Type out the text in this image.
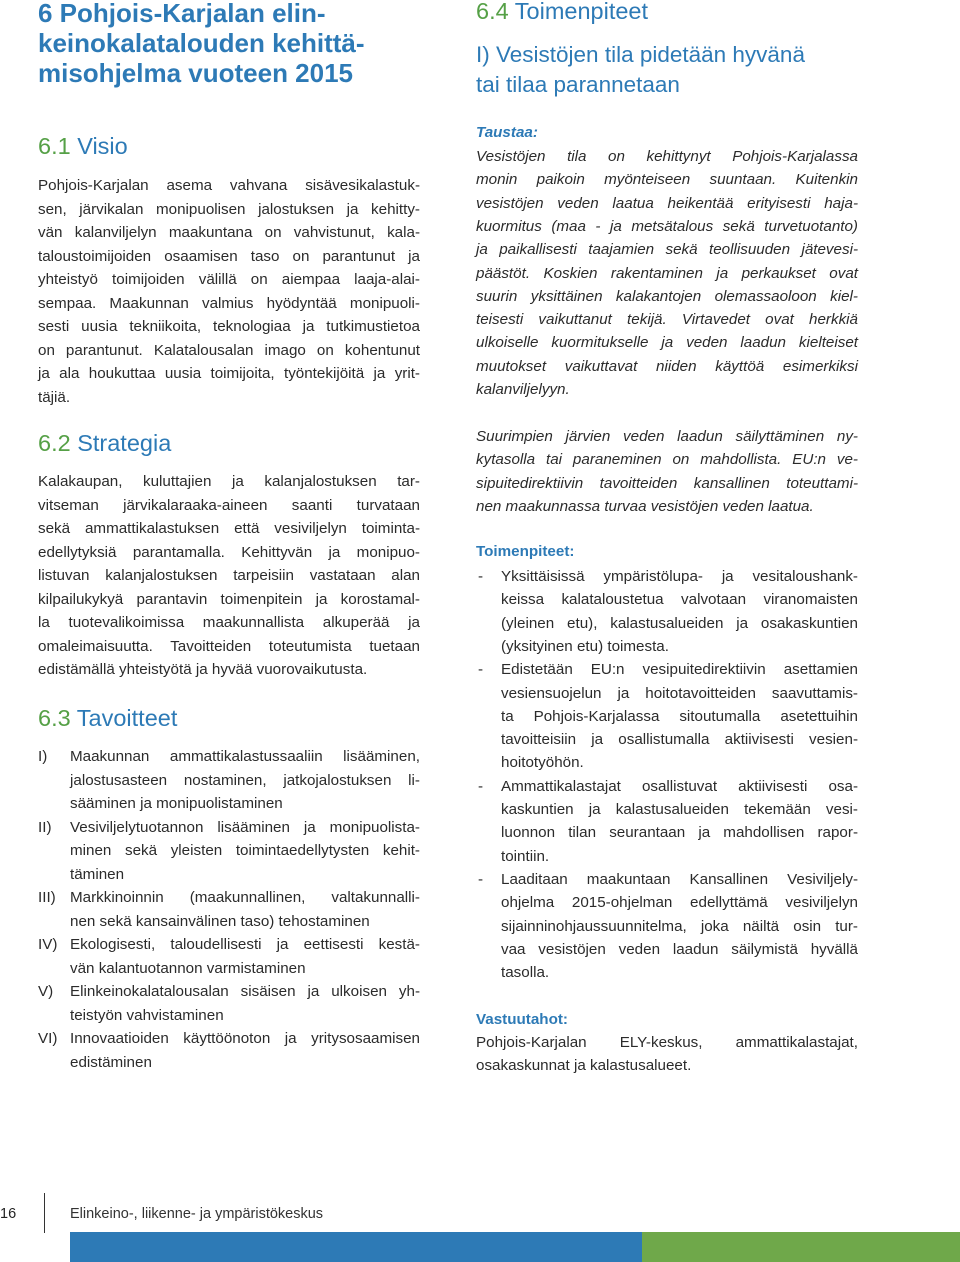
6 Pohjois-Karjalan elin-
keinokalatalouden kehittä-
misohjelma vuoteen 2015
6.1 Visio
Pohjois-Karjalan asema vahvana sisävesikalastuk-
sen, järvikalan monipuolisen jalostuksen ja kehitty-
vän kalanviljelyn maakuntana on vahvistunut, kala-
taloustoimijoiden osaamisen taso on parantunut ja
yhteistyö toimijoiden välillä on aiempaa laaja-alai-
sempaa. Maakunnan valmius hyödyntää monipuoli-
sesti uusia tekniikoita, teknologiaa ja tutkimustietoa
on parantunut. Kalatalousalan imago on kohentunut
ja ala houkuttaa uusia toimijoita, työntekijöitä ja yrit-
täjiä.
6.2 Strategia
Kalakaupan, kuluttajien ja kalanjalostuksen tar-
vitseman järvikalaraaka-aineen saanti turvataan
sekä ammattikalastuksen että vesiviljelyn toiminta-
edellytyksiä parantamalla. Kehittyvän ja monipuo-
listuvan kalanjalostuksen tarpeisiin vastataan alan
kilpailukykyä parantavin toimenpitein ja korostamal-
la tuotevalikoimissa maakunnallista alkuperää ja
omaleimaisuutta. Tavoitteiden toteutumista tuetaan
edistämällä yhteistyötä ja hyvää vuorovaikutusta.
6.3 Tavoitteet
I) Maakunnan ammattikalastussaaliin lisääminen,
jalostusasteen nostaminen, jatkojalostuksen li-
sääminen ja monipuolistaminen
II) Vesiviljelytuotannon lisääminen ja monipuolista-
minen sekä yleisten toimintaedellytysten kehit-
täminen
III) Markkinoinnin (maakunnallinen, valtakunnalli-
nen sekä kansainvälinen taso) tehostaminen
IV) Ekologisesti, taloudellisesti ja eettisesti kestä-
vän kalantuotannon varmistaminen
V) Elinkeinokalatalousalan sisäisen ja ulkoisen yh-
teistyön vahvistaminen
VI) Innovaatioiden käyttöönoton ja yritysosaamisen
edistäminen
6.4 Toimenpiteet
I) Vesistöjen tila pidetään hyvänä
tai tilaa parannetaan
Taustaa:
Vesistöjen tila on kehittynyt Pohjois-Karjalassa
monin paikoin myönteiseen suuntaan. Kuitenkin
vesistöjen veden laatua heikentää erityisesti haja-
kuormitus (maa - ja metsätalous sekä turvetuotanto)
ja paikallisesti taajamien sekä teollisuuden jätevesi-
päästöt. Koskien rakentaminen ja perkaukset ovat
suurin yksittäinen kalakantojen olemassaoloon kiel-
teisesti vaikuttanut tekijä. Virtavedet ovat herkkiä
ulkoiselle kuormitukselle ja veden laadun kielteiset
muutokset vaikuttavat niiden käyttöä esimerkiksi
kalanviljelyyn.
Suurimpien järvien veden laadun säilyttäminen ny-
kytasolla tai paraneminen on mahdollista. EU:n ve-
sipuitedirektiivin tavoitteiden kansallinen toteuttami-
nen maakunnassa turvaa vesistöjen veden laatua.
Toimenpiteet:
- Yksittäisissä ympäristölupa- ja vesitaloushank-
keissa kalataloustetua valvotaan viranomaisten
(yleinen etu), kalastusalueiden ja osakaskuntien
(yksityinen etu) toimesta.
- Edistetään EU:n vesipuitedirektiivin asettamien
vesiensuojelun ja hoitotavoitteiden saavuttamis-
ta Pohjois-Karjalassa sitoutumalla asetettuihin
tavoitteisiin ja osallistumalla aktiivisesti vesien-
hoitotyöhön.
- Ammattikalastajat osallistuvat aktiivisesti osa-
kaskuntien ja kalastusalueiden tekemään vesi-
luonnon tilan seurantaan ja mahdollisen rapor-
tointiin.
- Laaditaan maakuntaan Kansallinen Vesiviljely-
ohjelma 2015-ohjelman edellyttämä vesiviljelyn
sijainninohjaussuunnitelma, joka näiltä osin tur-
vaa vesistöjen veden laadun säilymistä hyvällä
tasolla.
Vastuutahot:
Pohjois-Karjalan ELY-keskus, ammattikalastajat,
osakaskunnat ja kalastusalueet.
16	Elinkeino-, liikenne- ja ympäristökeskus
